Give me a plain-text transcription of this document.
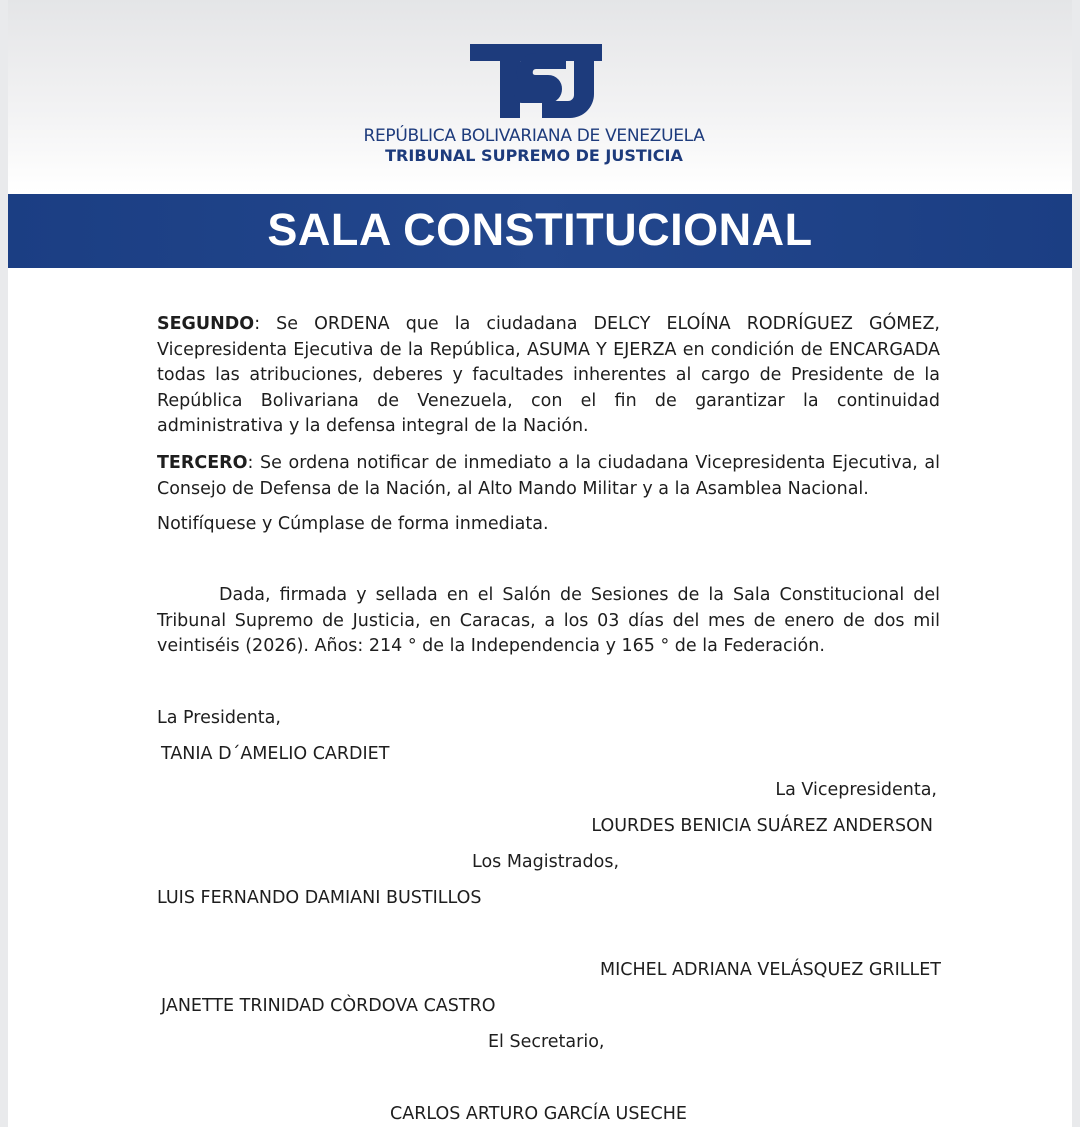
REPÚBLICA BOLIVARIANA DE VENEZUELA
TRIBUNAL SUPREMO DE JUSTICIA
SALA CONSTITUCIONAL
SEGUNDO: Se ORDENA que la ciudadana DELCY ELOÍNA RODRÍGUEZ GÓMEZ, Vicepresidenta Ejecutiva de la República, ASUMA Y EJERZA en condición de ENCARGADA todas las atribuciones, deberes y facultades inherentes al cargo de Presidente de la República Bolivariana de Venezuela, con el fin de garantizar la continuidad administrativa y la defensa integral de la Nación.
TERCERO: Se ordena notificar de inmediato a la ciudadana Vicepresidenta Ejecutiva, al Consejo de Defensa de la Nación, al Alto Mando Militar y a la Asamblea Nacional.
Notifíquese y Cúmplase de forma inmediata.
Dada, firmada y sellada en el Salón de Sesiones de la Sala Constitucional del Tribunal Supremo de Justicia, en Caracas, a los 03 días del mes de enero de dos mil veintiséis (2026). Años: 214 ° de la Independencia y 165 ° de la Federación.
La Presidenta,
TANIA D´AMELIO CARDIET
La Vicepresidenta,
LOURDES BENICIA SUÁREZ ANDERSON
Los Magistrados,
LUIS FERNANDO DAMIANI BUSTILLOS
MICHEL ADRIANA VELÁSQUEZ GRILLET
JANETTE TRINIDAD CÒRDOVA CASTRO
El Secretario,
CARLOS ARTURO GARCÍA USECHE
